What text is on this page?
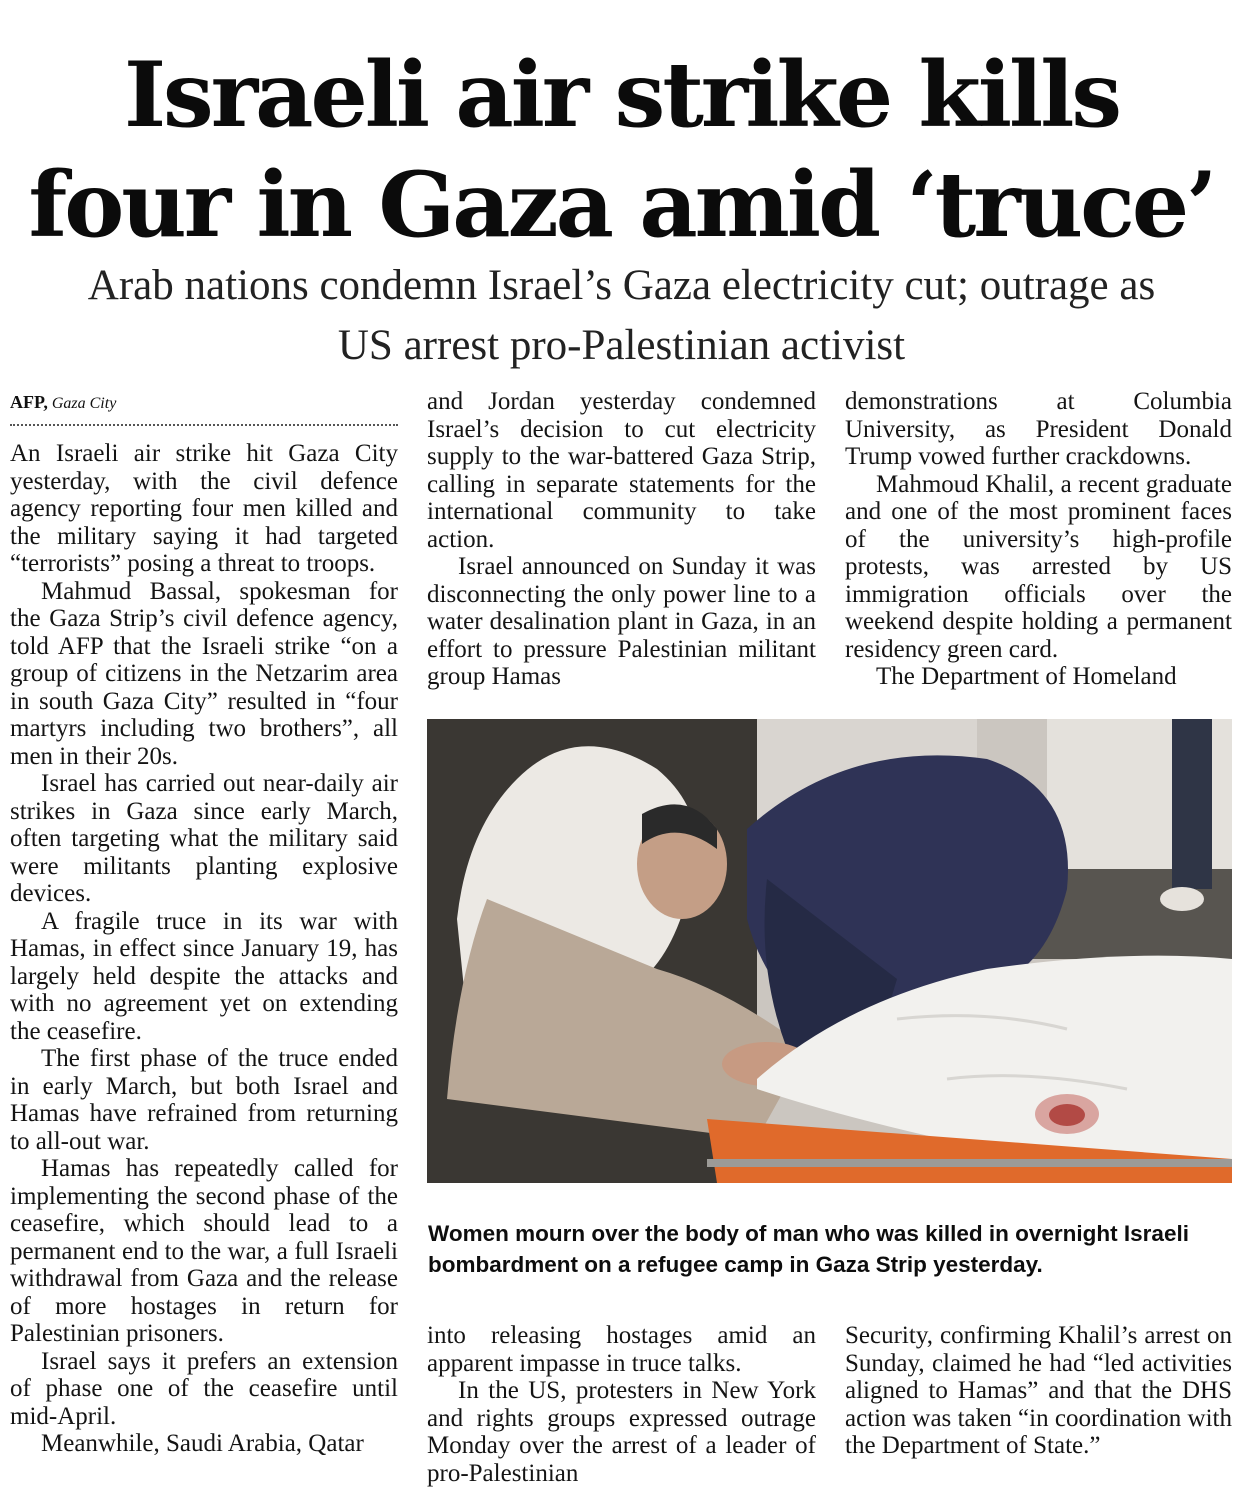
Israeli air strike kills
four in Gaza amid ‘truce’
Arab nations condemn Israel’s Gaza electricity cut; outrage as
US arrest pro-Palestinian activist
AFP, Gaza City

An Israeli air strike hit Gaza City yesterday, with the civil defence agency reporting four men killed and the military saying it had targeted “terrorists” posing a threat to troops.

Mahmud Bassal, spokesman for the Gaza Strip’s civil defence agency, told AFP that the Israeli strike “on a group of citizens in the Netzarim area in south Gaza City” resulted in “four martyrs including two brothers”, all men in their 20s.

Israel has carried out near-daily air strikes in Gaza since early March, often targeting what the military said were militants planting explosive devices.

A fragile truce in its war with Hamas, in effect since January 19, has largely held despite the attacks and with no agreement yet on extending the ceasefire.

The first phase of the truce ended in early March, but both Israel and Hamas have refrained from returning to all-out war.

Hamas has repeatedly called for implementing the second phase of the ceasefire, which should lead to a permanent end to the war, a full Israeli withdrawal from Gaza and the release of more hostages in return for Palestinian prisoners.

Israel says it prefers an extension of phase one of the ceasefire until mid-April.

Meanwhile, Saudi Arabia, Qatar

and Jordan yesterday condemned Israel’s decision to cut electricity supply to the war-battered Gaza Strip, calling in separate statements for the international community to take action.

Israel announced on Sunday it was disconnecting the only power line to a water desalination plant in Gaza, in an effort to pressure Palestinian militant group Hamas

demonstrations at Columbia University, as President Donald Trump vowed further crackdowns.

Mahmoud Khalil, a recent graduate and one of the most prominent faces of the university’s high-profile protests, was arrested by US immigration officials over the weekend despite holding a permanent residency green card.

The Department of Homeland

Women mourn over the body of man who was killed in overnight Israeli bombardment on a refugee camp in Gaza Strip yesterday.

into releasing hostages amid an apparent impasse in truce talks.

In the US, protesters in New York and rights groups expressed outrage Monday over the arrest of a leader of pro-Palestinian

Security, confirming Khalil’s arrest on Sunday, claimed he had “led activities aligned to Hamas” and that the DHS action was taken “in coordination with the Department of State.”
